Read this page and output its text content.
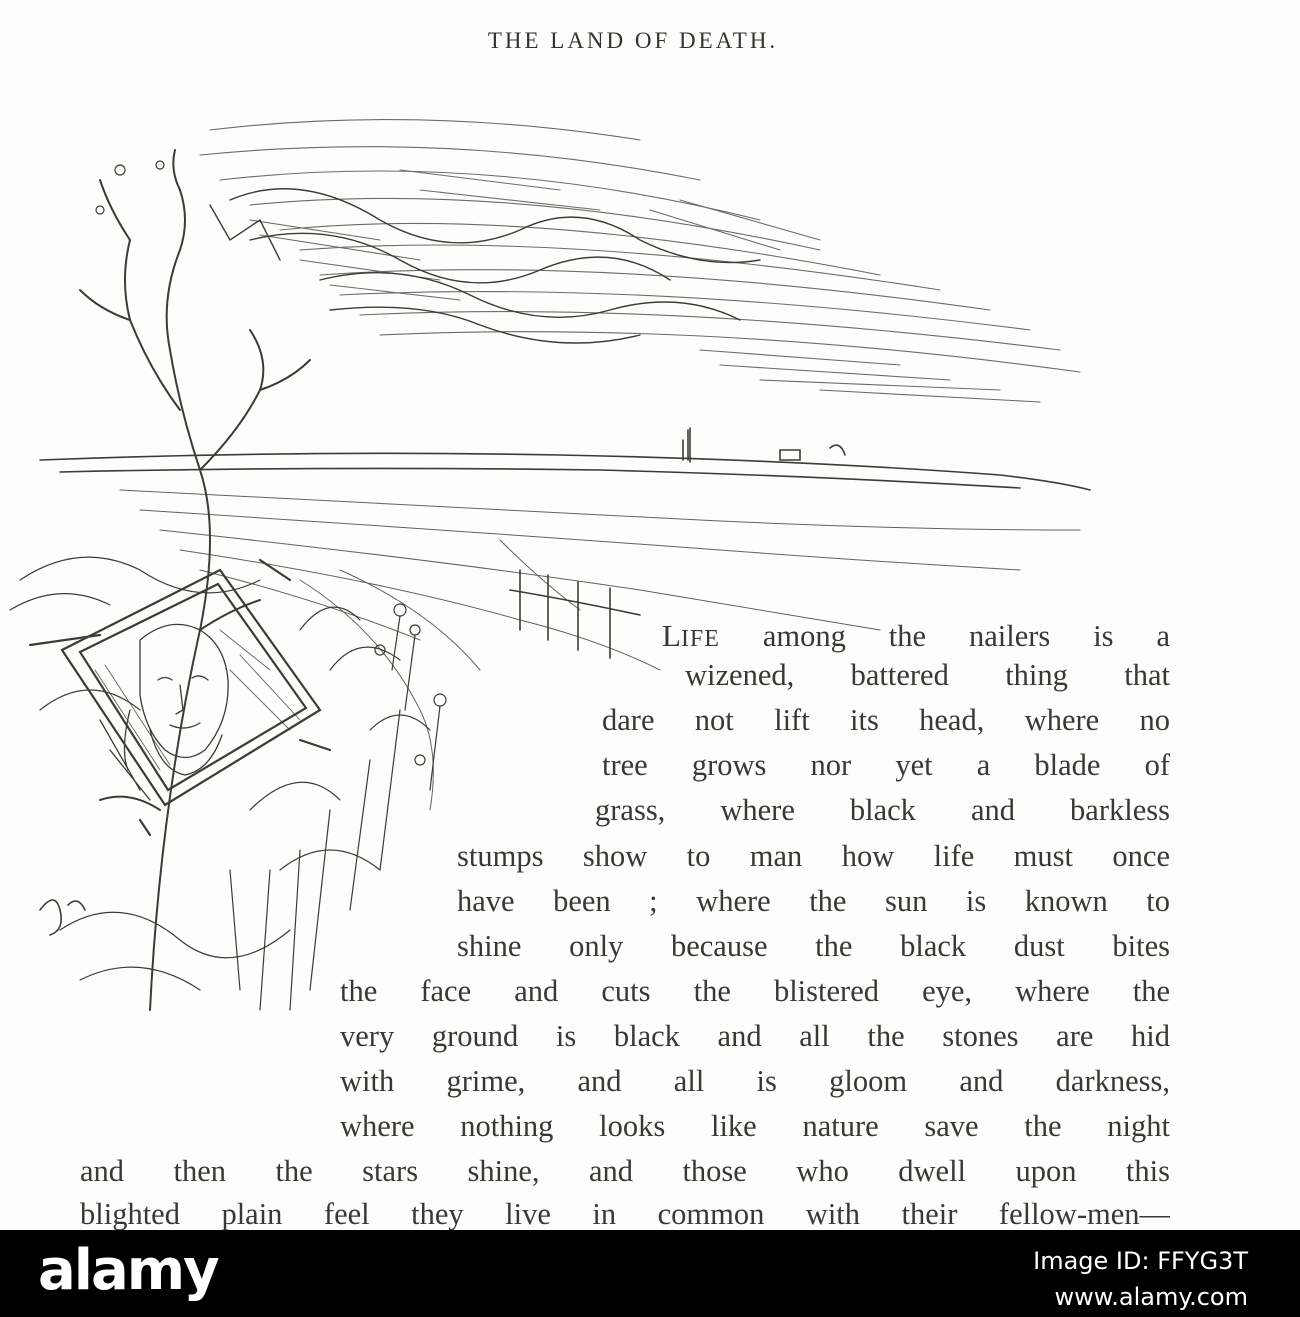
THE LAND OF DEATH.
LIFE among the nailers is a
wizened, battered thing that
dare not lift its head, where no
tree grows nor yet a blade of
grass, where black and barkless
stumps show to man how life must once
have been ; where the sun is known to
shine only because the black dust bites
the face and cuts the blistered eye, where the
very ground is black and all the stones are hid
with grime, and all is gloom and darkness,
where nothing looks like nature save the night
and then the stars shine, and those who dwell upon this
blighted plain feel they live in common with their fellow-men—
alamy	Image ID: FFYG3T
www.alamy.com
